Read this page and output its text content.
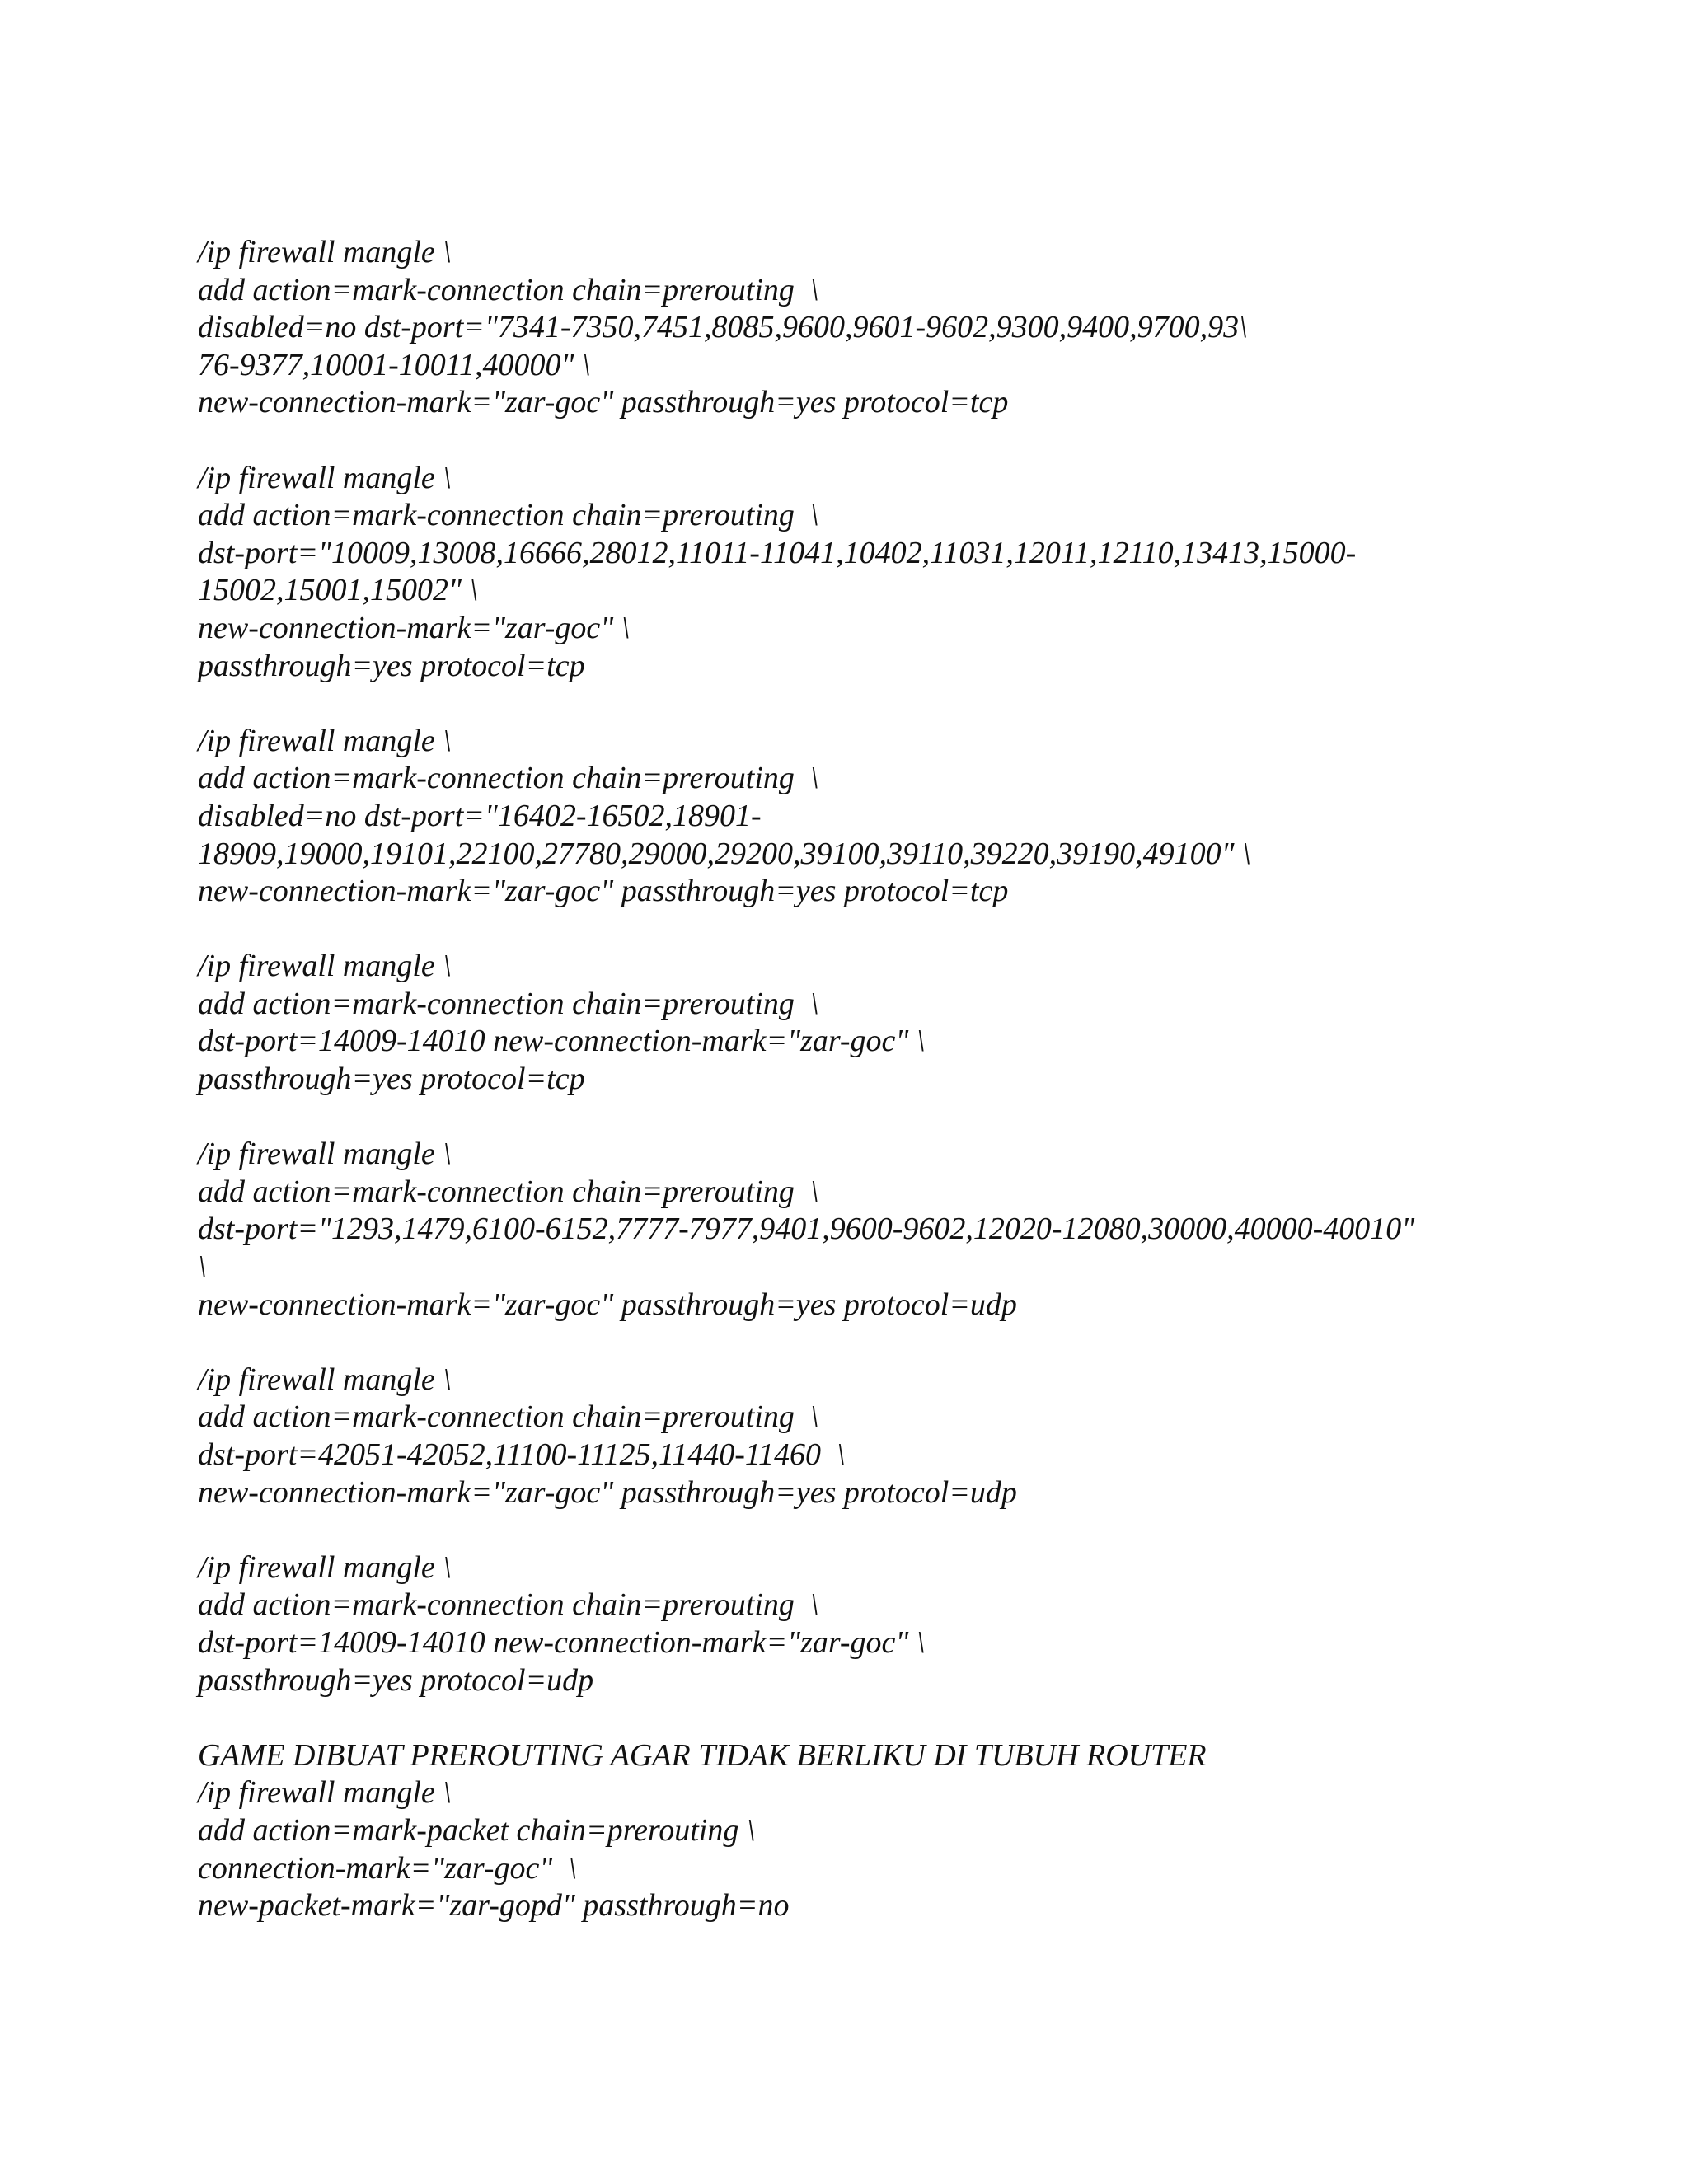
/ip firewall mangle \
add action=mark-connection chain=prerouting  \
disabled=no dst-port="7341-7350,7451,8085,9600,9601-9602,9300,9400,9700,93\
76-9377,10001-10011,40000" \
new-connection-mark="zar-goc" passthrough=yes protocol=tcp
/ip firewall mangle \
add action=mark-connection chain=prerouting  \
dst-port="10009,13008,16666,28012,11011-11041,10402,11031,12011,12110,13413,15000-
15002,15001,15002" \
new-connection-mark="zar-goc" \
passthrough=yes protocol=tcp
/ip firewall mangle \
add action=mark-connection chain=prerouting  \
disabled=no dst-port="16402-16502,18901-
18909,19000,19101,22100,27780,29000,29200,39100,39110,39220,39190,49100" \
new-connection-mark="zar-goc" passthrough=yes protocol=tcp
/ip firewall mangle \
add action=mark-connection chain=prerouting  \
dst-port=14009-14010 new-connection-mark="zar-goc" \
passthrough=yes protocol=tcp
/ip firewall mangle \
add action=mark-connection chain=prerouting  \
dst-port="1293,1479,6100-6152,7777-7977,9401,9600-9602,12020-12080,30000,40000-40010"
\
new-connection-mark="zar-goc" passthrough=yes protocol=udp
/ip firewall mangle \
add action=mark-connection chain=prerouting  \
dst-port=42051-42052,11100-11125,11440-11460  \
new-connection-mark="zar-goc" passthrough=yes protocol=udp
/ip firewall mangle \
add action=mark-connection chain=prerouting  \
dst-port=14009-14010 new-connection-mark="zar-goc" \
passthrough=yes protocol=udp
GAME DIBUAT PREROUTING AGAR TIDAK BERLIKU DI TUBUH ROUTER
/ip firewall mangle \
add action=mark-packet chain=prerouting \
connection-mark="zar-goc"  \
new-packet-mark="zar-gopd" passthrough=no
